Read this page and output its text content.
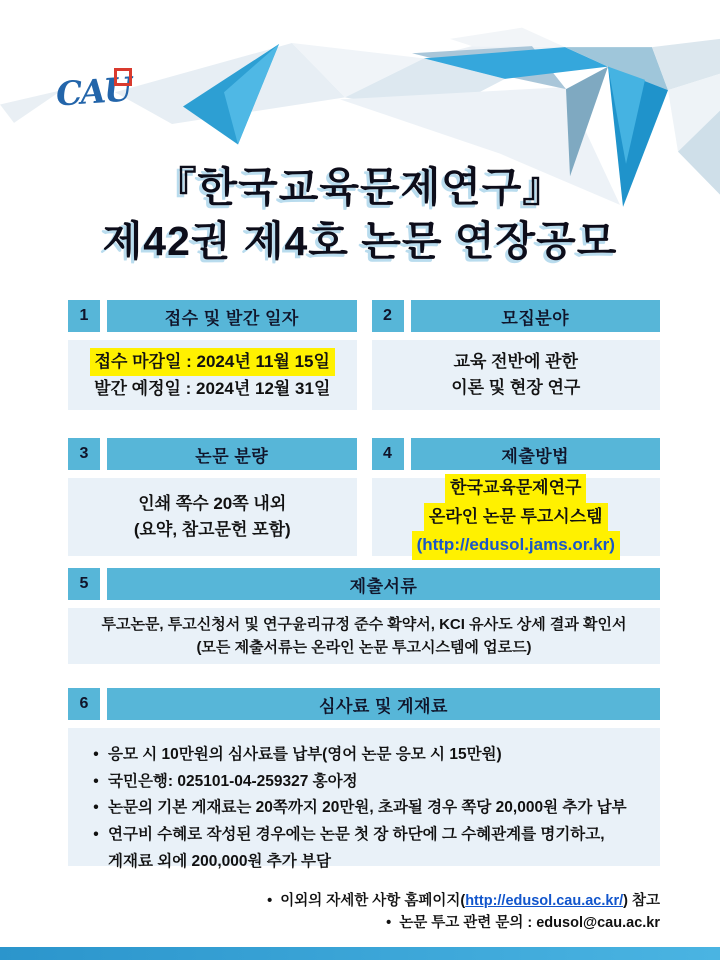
CAU
『한국교육문제연구』
제42권 제4호 논문 연장공모
1	접수 및 발간 일자
접수 마감일 : 2024년 11월 15일
발간 예정일 : 2024년 12월 31일
2	모집분야
교육 전반에 관한
이론 및 현장 연구
3	논문 분량
인쇄 쪽수 20쪽 내외
(요약, 참고문헌 포함)
4	제출방법
한국교육문제연구
온라인 논문 투고시스템
(http://edusol.jams.or.kr)
5	제출서류
투고논문, 투고신청서 및 연구윤리규정 준수 확약서, KCI 유사도 상세 결과 확인서
(모든 제출서류는 온라인 논문 투고시스템에 업로드)
6	심사료 및 게재료
• 응모 시 10만원의 심사료를 납부(영어 논문 응모 시 15만원)
• 국민은행: 025101-04-259327 홍아정
• 논문의 기본 게재료는 20쪽까지 20만원, 초과될 경우 쪽당 20,000원 추가 납부
• 연구비 수혜로 작성된 경우에는 논문 첫 장 하단에 그 수혜관계를 명기하고,
게재료 외에 200,000원 추가 부담
• 이외의 자세한 사항 홈페이지(http://edusol.cau.ac.kr/) 참고
• 논문 투고 관련 문의 : edusol@cau.ac.kr
